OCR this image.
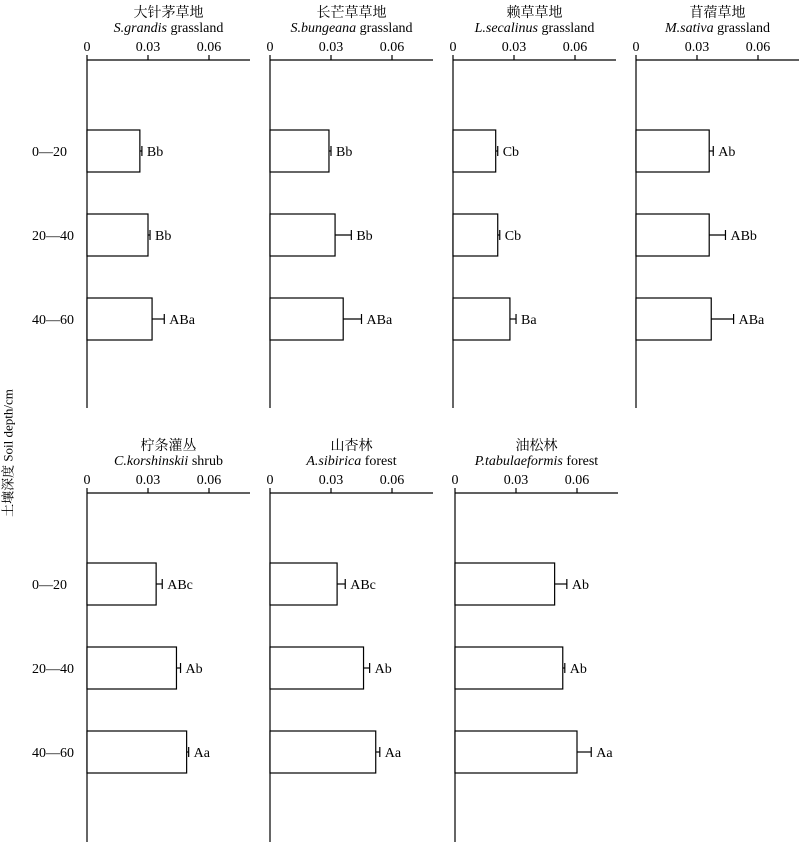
土壤深度 Soil depth/cm
大针茅草地
S.grandis grassland
0	0.03	0.06
Bb
0—20
Bb
20—40
ABa
40—60
长芒草草地
S.bungeana grassland
0	0.03	0.06
Bb
Bb
ABa
赖草草地
L.secalinus grassland
0	0.03	0.06
Cb
Cb
Ba
苜蓿草地
M.sativa grassland
0	0.03	0.06
Ab
ABb
ABa
柠条灌丛
C.korshinskii shrub
0	0.03	0.06
ABc
0—20
Ab
20—40
Aa
40—60
山杏林
A.sibirica forest
0	0.03	0.06
ABc
Ab
Aa
油松林
P.tabulaeformis forest
0	0.03	0.06
Ab
Ab
Aa
